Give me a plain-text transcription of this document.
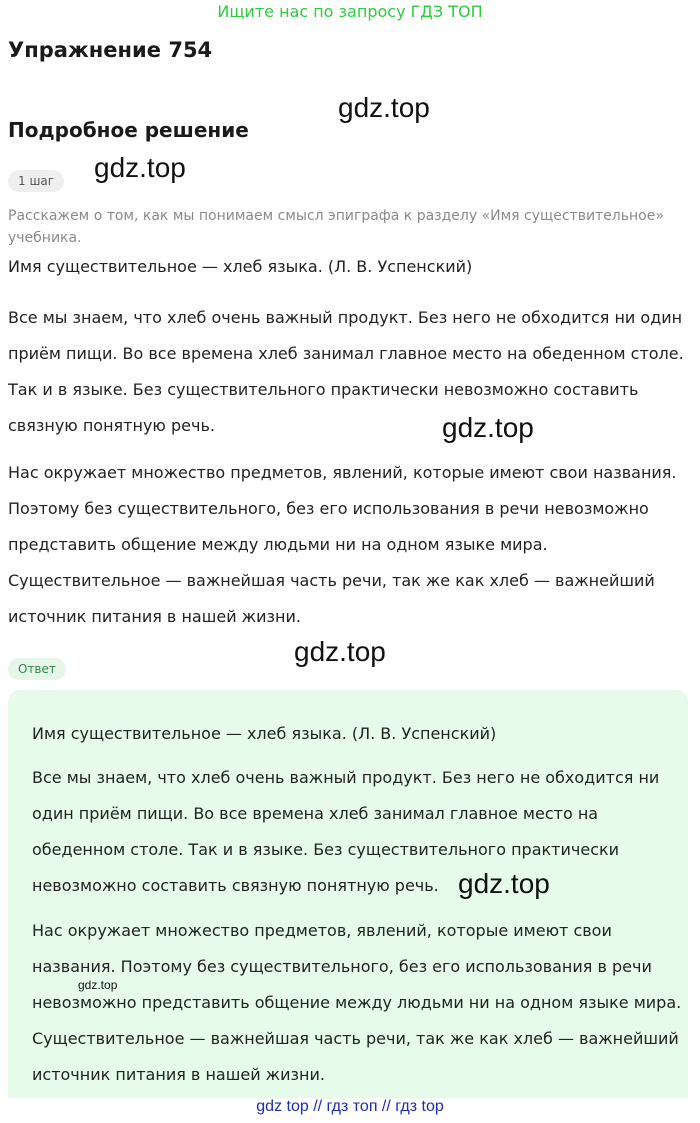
Ищите нас по запросу ГДЗ ТОП
Упражнение 754
Подробное решение
gdz.top
gdz.top
gdz.top
gdz.top
1 шаг
Расскажем о том, как мы понимаем смысл эпиграфа к разделу «Имя существительное» учебника.
Имя существительное — хлеб языка. (Л. В. Успенский)
Все мы знаем, что хлеб очень важный продукт. Без него не обходится ни один приём пищи. Во все времена хлеб занимал главное место на обеденном столе. Так и в языке. Без существительного практически невозможно составить связную понятную речь.
Нас окружает множество предметов, явлений, которые имеют свои названия. Поэтому без существительного, без его использования в речи невозможно представить общение между людьми ни на одном языке мира. Существительное — важнейшая часть речи, так же как хлеб — важнейший источник питания в нашей жизни.
Ответ
Имя существительное — хлеб языка. (Л. В. Успенский)
Все мы знаем, что хлеб очень важный продукт. Без него не обходится ни один приём пищи. Во все времена хлеб занимал главное место на обеденном столе. Так и в языке. Без существительного практически невозможно составить связную понятную речь.
Нас окружает множество предметов, явлений, которые имеют свои названия. Поэтому без существительного, без его использования в речи невозможно представить общение между людьми ни на одном языке мира. Существительное — важнейшая часть речи, так же как хлеб — важнейший источник питания в нашей жизни.
gdz.top
gdz.top
gdz top // гдз топ // гдз top
